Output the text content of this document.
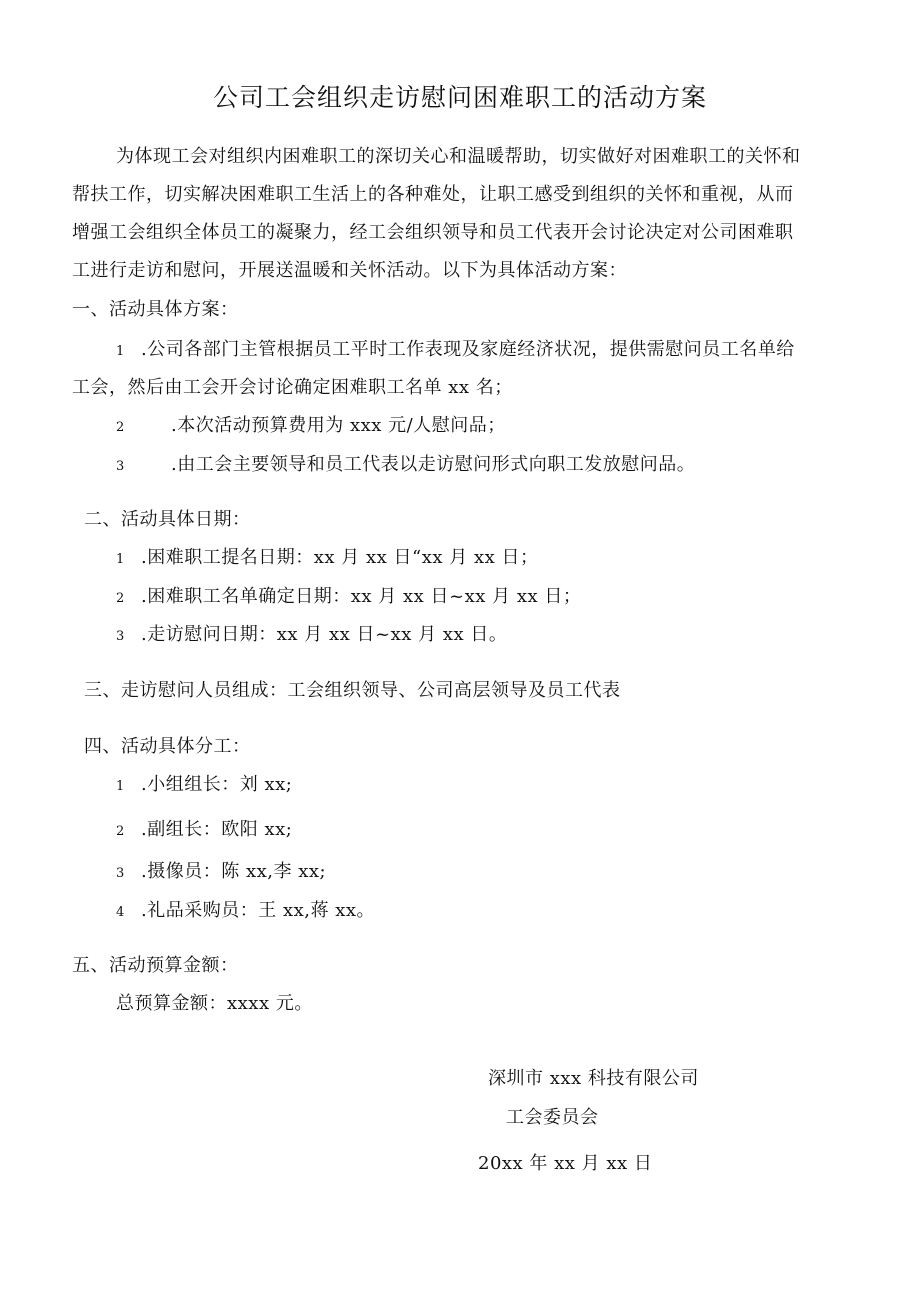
公司工会组织走访慰问困难职工的活动方案
为体现工会对组织内困难职工的深切关心和温暖帮助，切实做好对困难职工的关怀和
帮扶工作，切实解决困难职工生活上的各种难处，让职工感受到组织的关怀和重视，从而
增强工会组织全体员工的凝聚力，经工会组织领导和员工代表开会讨论决定对公司困难职
工进行走访和慰问，开展送温暖和关怀活动。以下为具体活动方案：
一、活动具体方案：
1 .公司各部门主管根据员工平时工作表现及家庭经济状况，提供需慰问员工名单给
工会，然后由工会开会讨论确定困难职工名单 xx 名；
2	.本次活动预算费用为 xxx 元/人慰问品；
3	.由工会主要领导和员工代表以走访慰问形式向职工发放慰问品。
二、活动具体日期：
1 .困难职工提名日期：xx 月 xx 日“xx 月 xx 日；
2 .困难职工名单确定日期：xx 月 xx 日~xx 月 xx 日；
3 .走访慰问日期：xx 月 xx 日~xx 月 xx 日。
三、走访慰问人员组成：工会组织领导、公司高层领导及员工代表
四、活动具体分工：
1 .小组组长：刘 xx;
2 .副组长：欧阳 xx;
3 .摄像员：陈 xx,李 xx;
4 .礼品采购员：王 xx,蒋 xx。
五、活动预算金额：
总预算金额：xxxx 元。
深圳市 xxx 科技有限公司
工会委员会
20xx 年 xx 月 xx 日
